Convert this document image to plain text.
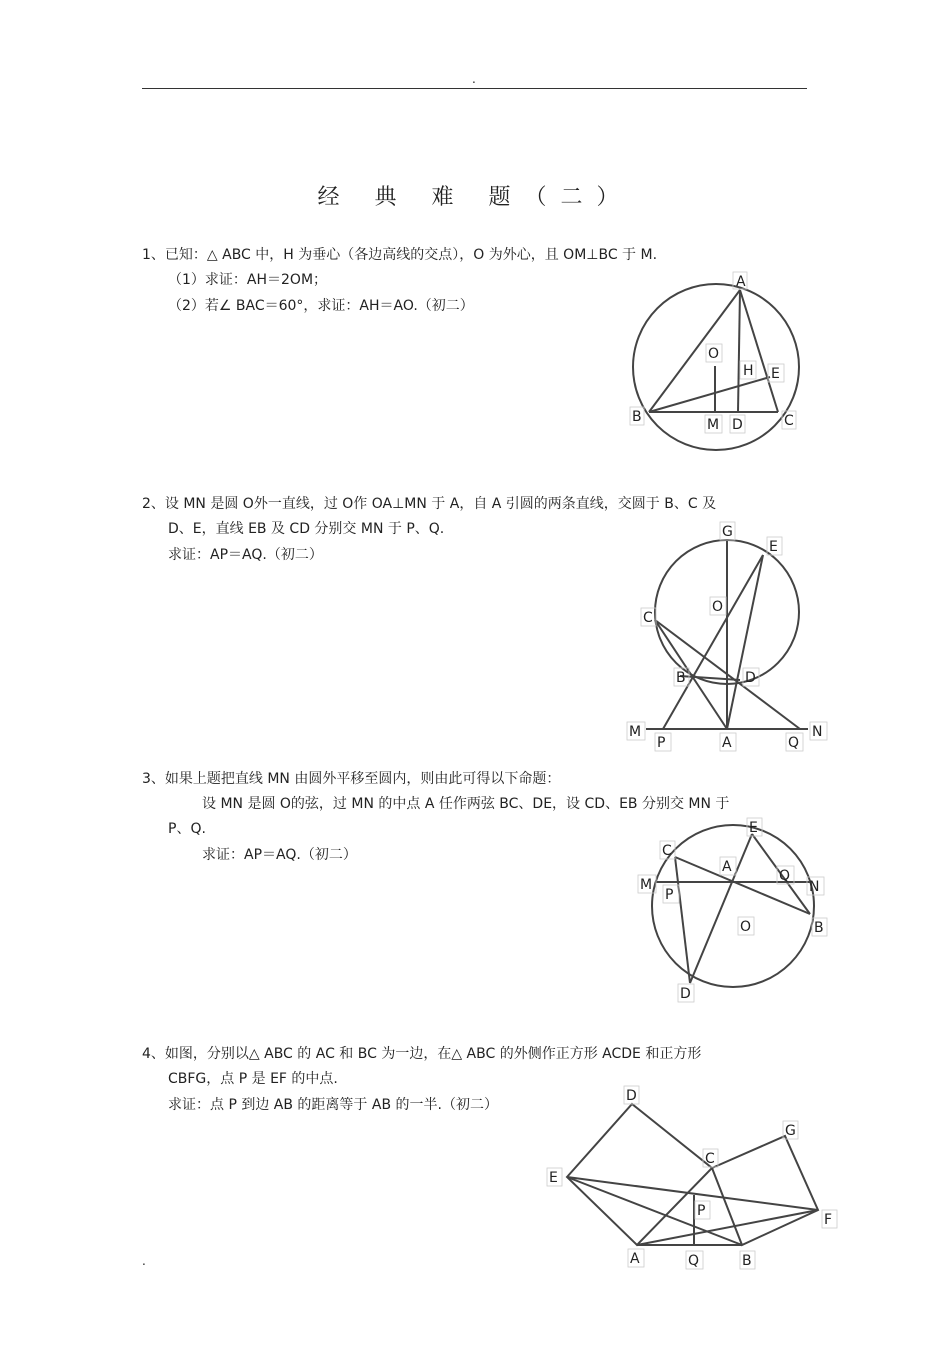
.
经 典 难 题（二）
1、已知：△ ABC 中，H 为垂心（各边高线的交点），O 为外心，且 OM⊥BC 于 M.
（1）求证：AH＝2OM；
（2）若∠ BAC＝60°，求证：AH＝AO.（初二）
A
B	C
D
E
H
O
M
2、设 MN 是圆 O外一直线，过 O作 OA⊥MN 于 A，自 A 引圆的两条直线，交圆于 B、C 及
D、E，直线 EB 及 CD 分别交 MN 于 P、Q.
求证：AP＝AQ.（初二）
G
E
O
C
B	D
M
P	A	Q
N
3、如果上题把直线 MN 由圆外平移至圆内，则由此可得以下命题：
设 MN 是圆 O的弦，过 MN 的中点 A 任作两弦 BC、DE，设 CD、EB 分别交 MN 于
P、Q.
求证：AP＝AQ.（初二）
E
C
A
Q
M	N
P
O	B
D
4、如图，分别以△ ABC 的 AC 和 BC 为一边，在△ ABC 的外侧作正方形 ACDE 和正方形
CBFG，点 P 是 EF 的中点.
求证：点 P 到边 AB 的距离等于 AB 的一半.（初二）
D
G
C
E
P
F
A	Q	B
.
